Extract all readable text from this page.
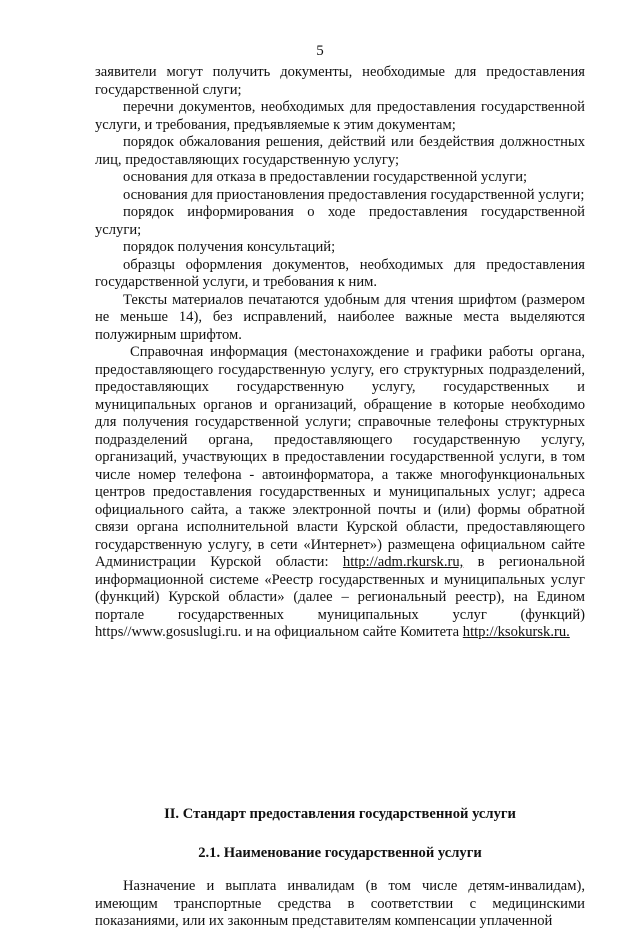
5

заявители могут получить документы, необходимые для предоставления государственной слуги;

перечни документов, необходимых для предоставления государственной услуги, и требования, предъявляемые к этим документам;

порядок обжалования решения, действий или бездействия должностных лиц, предоставляющих государственную услугу;

основания для отказа в предоставлении государственной услуги;

основания для приостановления предоставления государственной услуги;

порядок информирования о ходе предоставления государственной услуги;

порядок получения консультаций;

образцы оформления документов, необходимых для предоставления государственной услуги, и требования к ним.

Тексты материалов печатаются удобным для чтения шрифтом (размером не меньше 14), без исправлений, наиболее важные места выделяются полужирным шрифтом.

Справочная информация (местонахождение и графики работы органа, предоставляющего государственную услугу, его структурных подразделений, предоставляющих государственную услугу, государственных и муниципальных органов и организаций, обращение в которые необходимо для получения государственной услуги; справочные телефоны структурных подразделений органа, предоставляющего государственную услугу, организаций, участвующих в предоставлении государственной услуги, в том числе номер телефона - автоинформатора, а также многофункциональных центров предоставления государственных и муниципальных услуг; адреса официального сайта, а также электронной почты и (или) формы обратной связи органа исполнительной власти Курской области, предоставляющего государственную услугу, в сети «Интернет») размещена официальном сайте Администрации Курской области: http://adm.rkursk.ru, в региональной информационной системе «Реестр государственных и муниципальных услуг (функций) Курской области» (далее – региональный реестр), на Едином портале государственных муниципальных услуг (функций) https//www.gosuslugi.ru. и на официальном сайте Комитета http://ksokursk.ru.

II. Стандарт предоставления государственной услуги
2.1. Наименование государственной услуги

Назначение и выплата инвалидам (в том числе детям-инвалидам), имеющим транспортные средства в соответствии с медицинскими показаниями, или их законным представителям компенсации уплаченной
